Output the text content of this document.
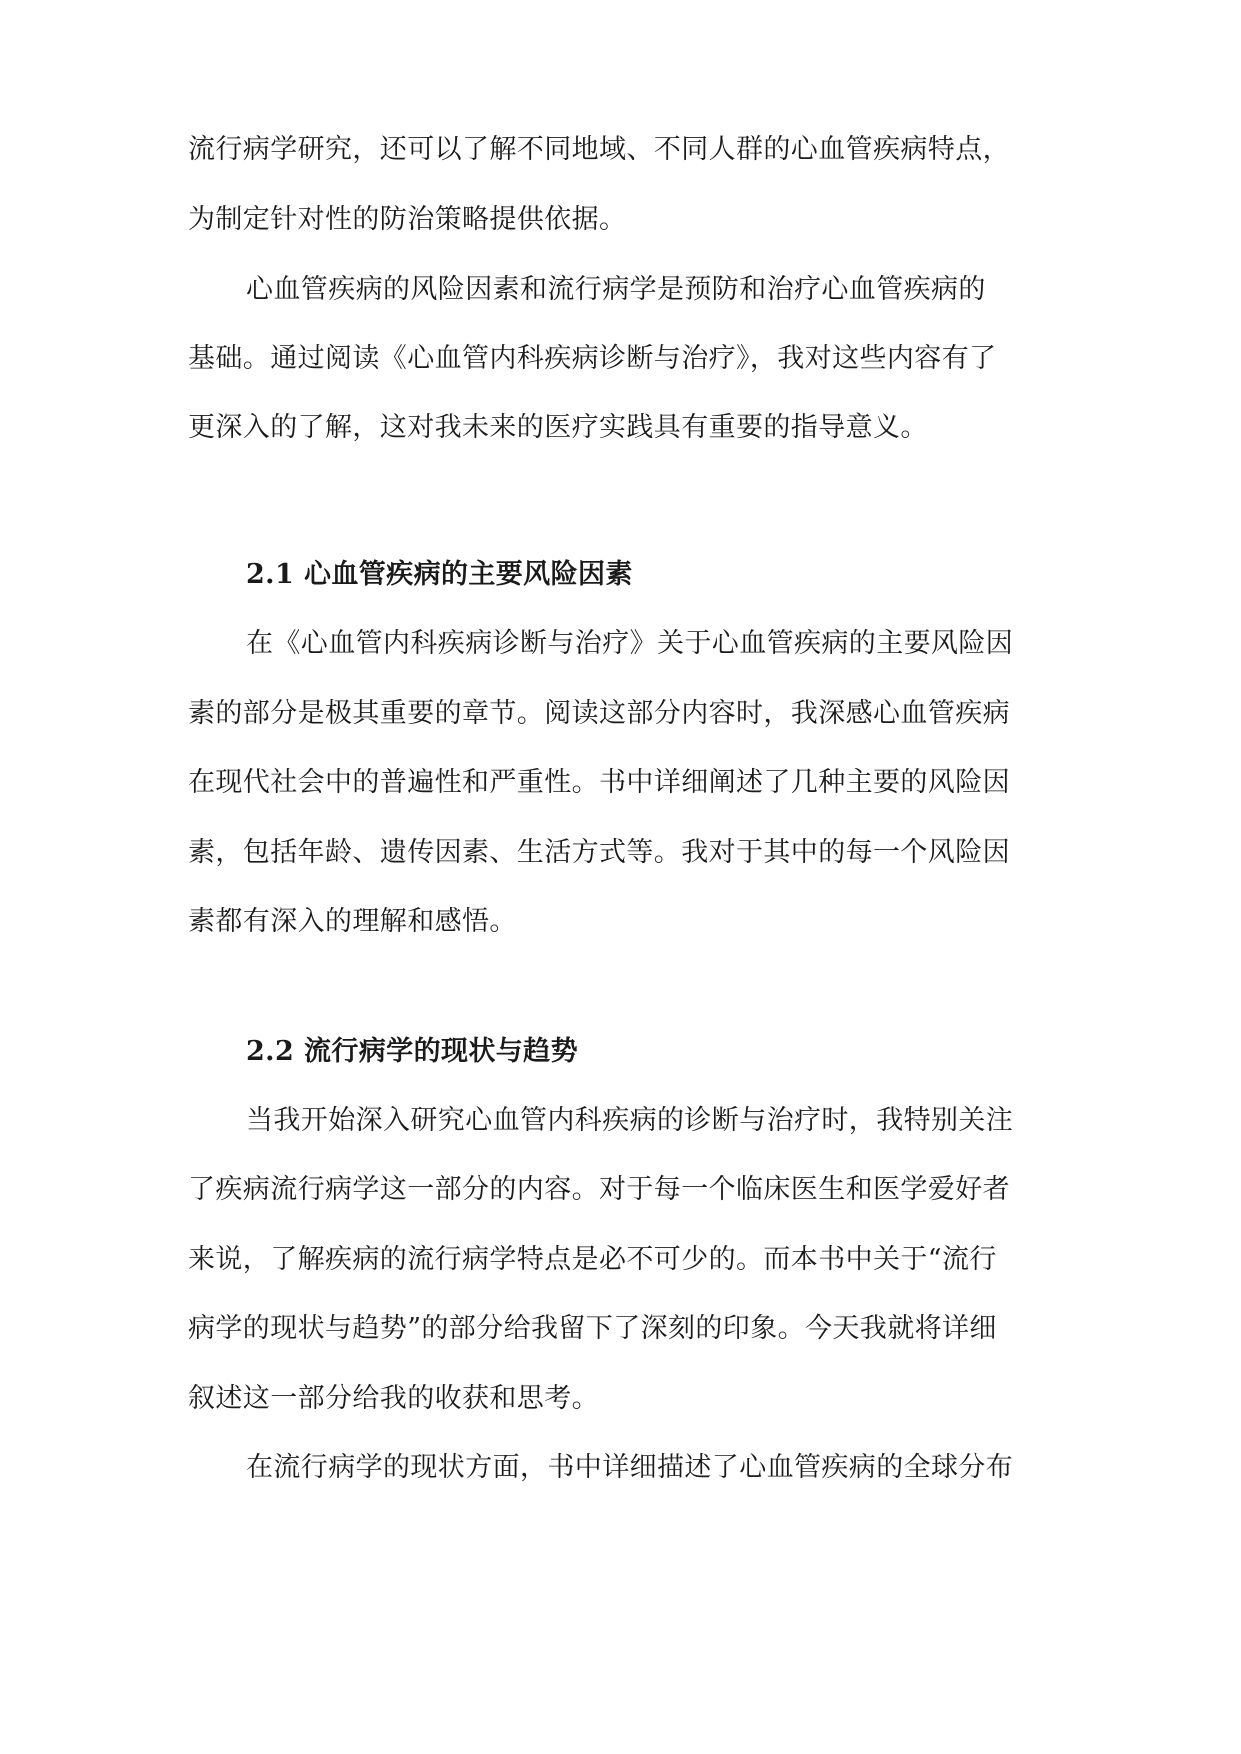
流行病学研究，还可以了解不同地域、不同人群的心血管疾病特点，
为制定针对性的防治策略提供依据。
心血管疾病的风险因素和流行病学是预防和治疗心血管疾病的
基础。通过阅读《心血管内科疾病诊断与治疗》，我对这些内容有了
更深入的了解，这对我未来的医疗实践具有重要的指导意义。
2.1 心血管疾病的主要风险因素
在《心血管内科疾病诊断与治疗》关于心血管疾病的主要风险因
素的部分是极其重要的章节。阅读这部分内容时，我深感心血管疾病
在现代社会中的普遍性和严重性。书中详细阐述了几种主要的风险因
素，包括年龄、遗传因素、生活方式等。我对于其中的每一个风险因
素都有深入的理解和感悟。
2.2 流行病学的现状与趋势
当我开始深入研究心血管内科疾病的诊断与治疗时，我特别关注
了疾病流行病学这一部分的内容。对于每一个临床医生和医学爱好者
来说，了解疾病的流行病学特点是必不可少的。而本书中关于“流行
病学的现状与趋势”的部分给我留下了深刻的印象。今天我就将详细
叙述这一部分给我的收获和思考。
在流行病学的现状方面，书中详细描述了心血管疾病的全球分布
